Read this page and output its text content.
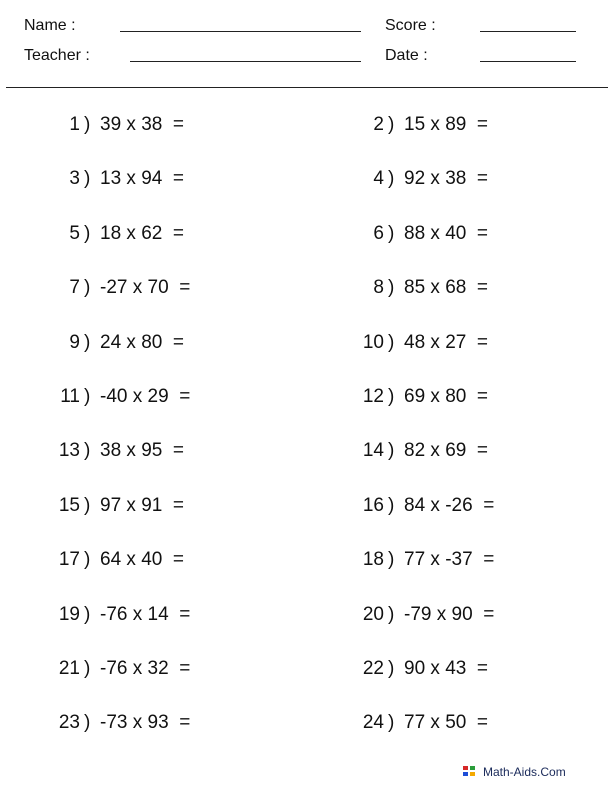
Name :	Score :
Teacher :	Date :
1 ) 39 x 38  =	2 ) 15 x 89  =
3 ) 13 x 94  =	4 ) 92 x 38  =
5 ) 18 x 62  =	6 ) 88 x 40  =
7 ) -27 x 70  =	8 ) 85 x 68  =
9 ) 24 x 80  =	10 ) 48 x 27  =
11 ) -40 x 29  =	12 ) 69 x 80  =
13 ) 38 x 95  =	14 ) 82 x 69  =
15 ) 97 x 91  =	16 ) 84 x -26  =
17 ) 64 x 40  =	18 ) 77 x -37  =
19 ) -76 x 14  =	20 ) -79 x 90  =
21 ) -76 x 32  =	22 ) 90 x 43  =
23 ) -73 x 93  =	24 ) 77 x 50  =
Math-Aids.Com
